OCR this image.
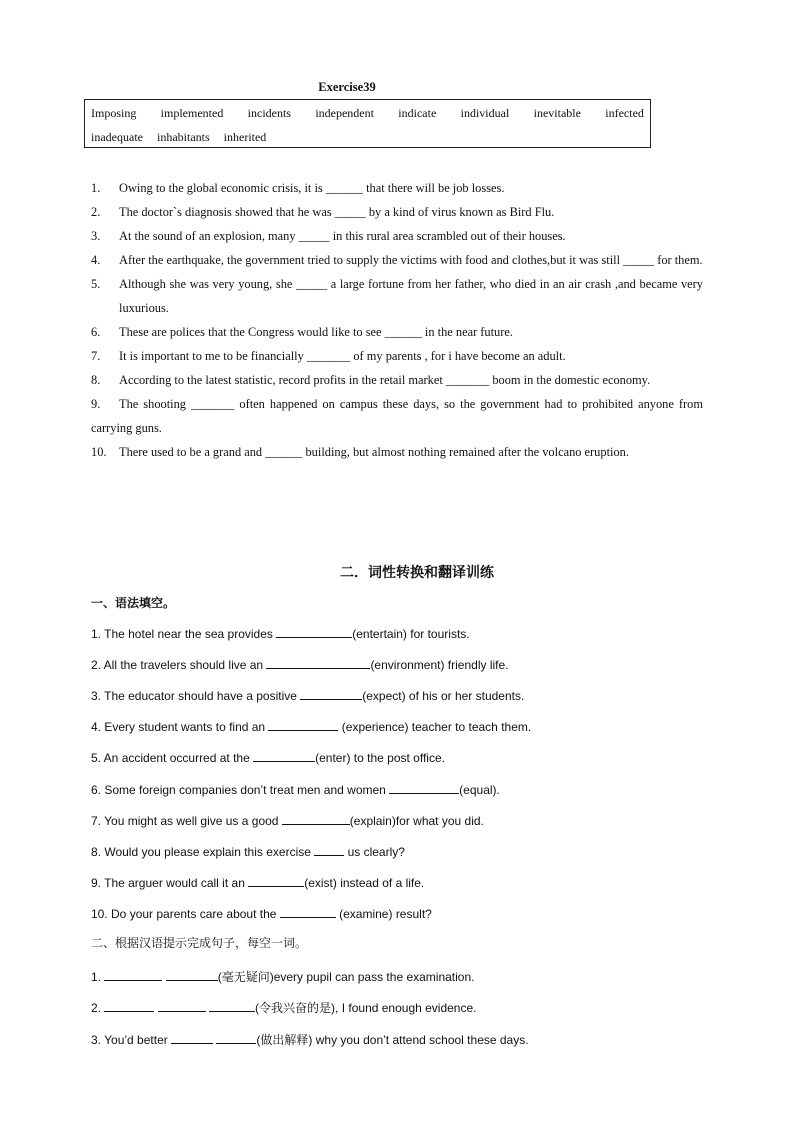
Exercise39
Imposing implemented incidents independent indicate individual inevitable infected
inadequate inhabitants inherited
1. Owing to the global economic crisis, it is ______ that there will be job losses.
2. The doctor`s diagnosis showed that he was _____ by a kind of virus known as Bird Flu.
3. At the sound of an explosion, many _____ in this rural area scrambled out of their houses.
4. After the earthquake, the government tried to supply the victims with food and clothes,but it was still _____ for them.
5. Although she was very young, she _____ a large fortune from her father, who died in an air crash ,and became very luxurious.
6. These are polices that the Congress would like to see ______ in the near future.
7. It is important to me to be financially _______ of my parents , for i have become an adult.
8. According to the latest statistic, record profits in the retail market _______ boom in the domestic economy.
9. The shooting _______ often happened on campus these days, so the government had to prohibited anyone from carrying guns.
10. There used to be a grand and ______ building, but almost nothing remained after the volcano eruption.
二．词性转换和翻译训练
一、语法填空。
1. The hotel near the sea provides	(entertain) for tourists.
2. All the travelers should live an	(environment) friendly life.
3. The educator should have a positive	(expect) of his or her students.
4. Every student wants to find an	(experience) teacher to teach them.
5. An accident occurred at the	(enter) to the post office.
6. Some foreign companies don’t treat men and women	(equal).
7. You might as well give us a good	(explain)for what you did.
8. Would you please explain this exercise	us clearly?
9. The arguer would call it an	(exist) instead of a life.
10. Do your parents care about the	(examine) result?
二、根据汉语提示完成句子，每空一词。
1.	(毫无疑问)every pupil can pass the examination.
2.	(令我兴奋的是), I found enough evidence.
3. You’d better	(做出解释) why you don’t attend school these days.
